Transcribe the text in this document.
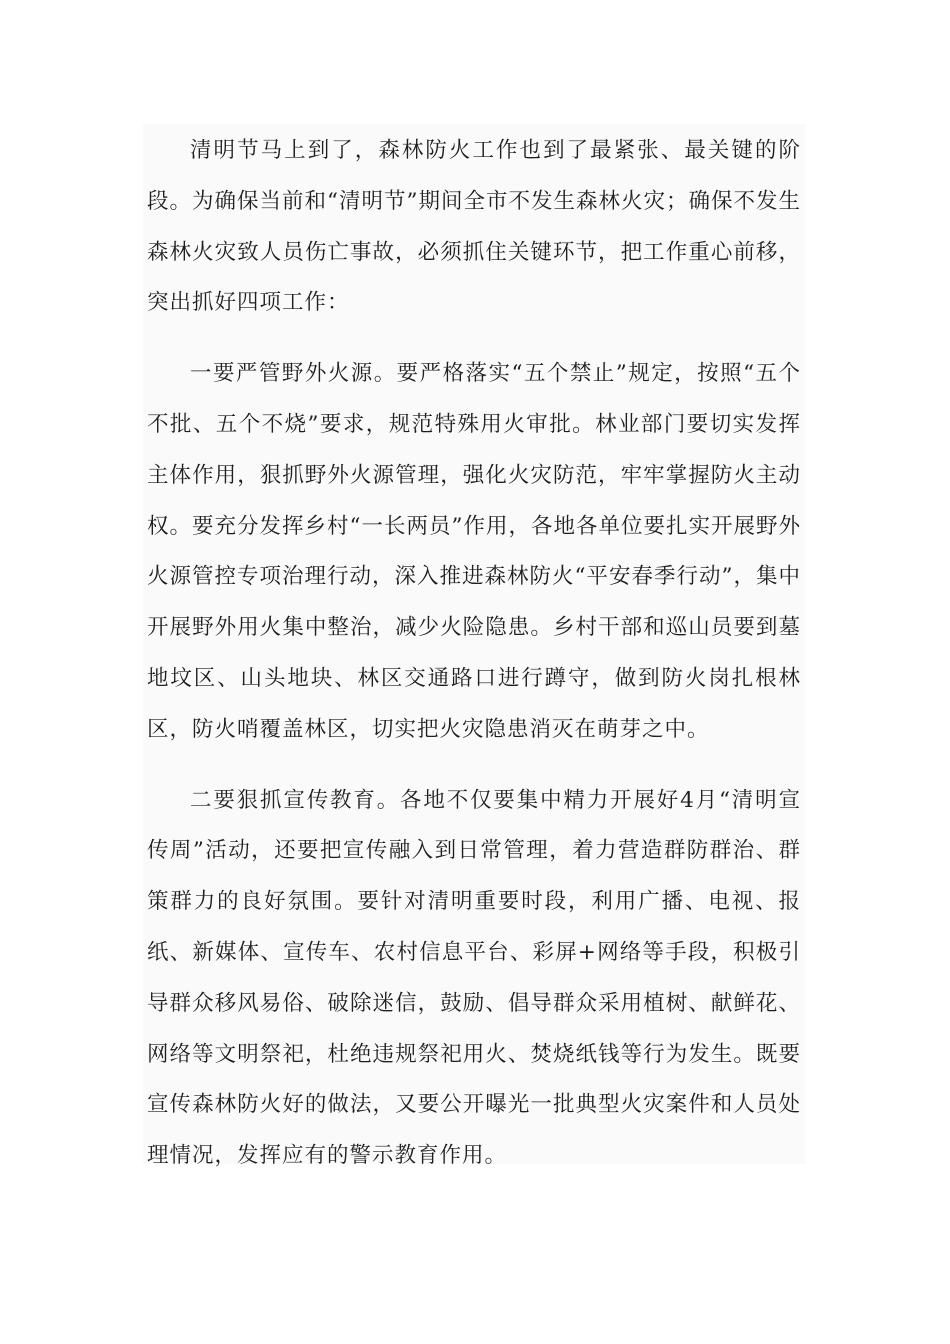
清明节马上到了，森林防火工作也到了最紧张、最关键的阶段。为确保当前和“清明节”期间全市不发生森林火灾；确保不发生森林火灾致人员伤亡事故，必须抓住关键环节，把工作重心前移，突出抓好四项工作：

一要严管野外火源。要严格落实“五个禁止”规定，按照“五个不批、五个不烧”要求，规范特殊用火审批。林业部门要切实发挥主体作用，狠抓野外火源管理，强化火灾防范，牢牢掌握防火主动权。要充分发挥乡村“一长两员”作用，各地各单位要扎实开展野外火源管控专项治理行动，深入推进森林防火“平安春季行动”，集中开展野外用火集中整治，减少火险隐患。乡村干部和巡山员要到墓地坟区、山头地块、林区交通路口进行蹲守，做到防火岗扎根林区，防火哨覆盖林区，切实把火灾隐患消灭在萌芽之中。

二要狠抓宣传教育。各地不仅要集中精力开展好4月“清明宣传周”活动，还要把宣传融入到日常管理，着力营造群防群治、群策群力的良好氛围。要针对清明重要时段，利用广播、电视、报纸、新媒体、宣传车、农村信息平台、彩屏+网络等手段，积极引导群众移风易俗、破除迷信，鼓励、倡导群众采用植树、献鲜花、网络等文明祭祀，杜绝违规祭祀用火、焚烧纸钱等行为发生。既要宣传森林防火好的做法，又要公开曝光一批典型火灾案件和人员处理情况，发挥应有的警示教育作用。
